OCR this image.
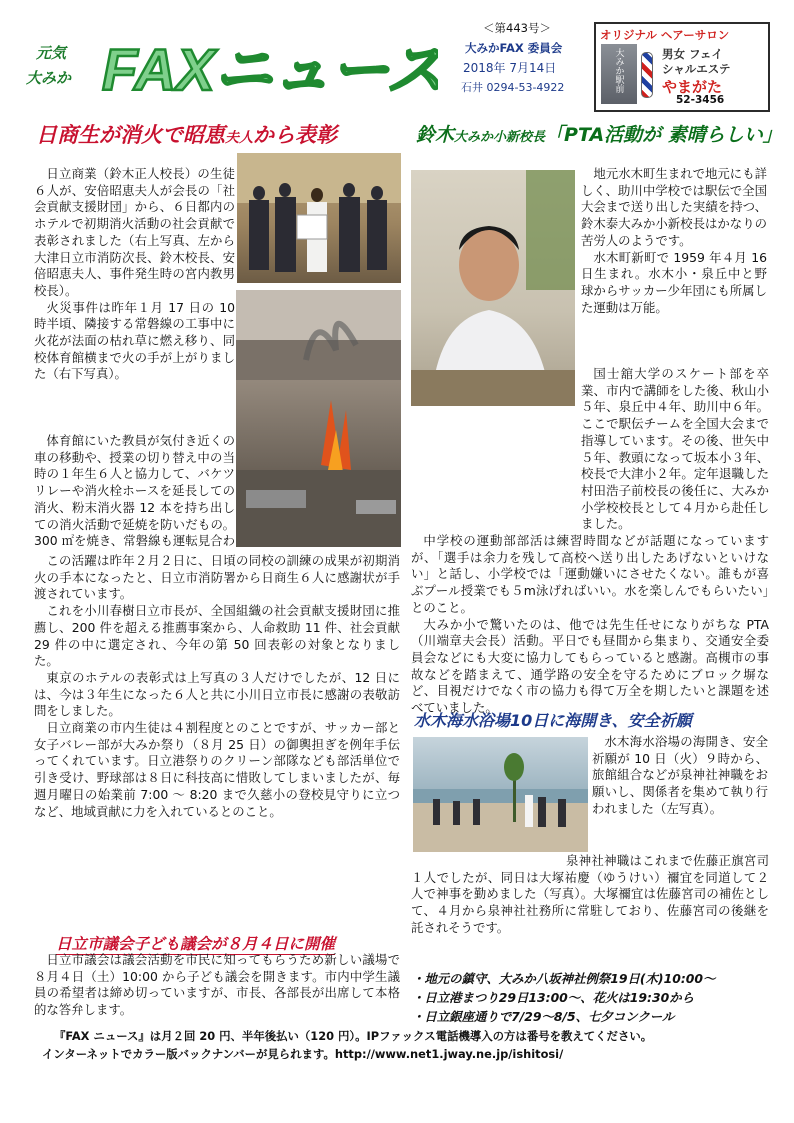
元気
大みか FAXニュース
＜第443号＞
大みかFAX 委員会
2018年 7月14日
石井 0294-53-4922
オリジナル ヘアーサロン
大みか駅前	男女 フェイ
シャルエステ
やまがた
52-3456
日商生が消火で昭恵夫人から表彰	鈴木大みか小新校長「PTA活動が 素晴らしい」

日立商業（鈴木正人校長）の生徒６人が、安倍昭恵夫人が会長の「社会貢献支援財団」から、６日都内のホテルで初期消火活動の社会貢献で表彰されました（右上写真、左から大津日立市消防次長、鈴木校長、安倍昭恵夫人、事件発生時の宮内教男校長）。

火災事件は昨年１月 17 日の 10 時半頃、隣接する常磐線の工事中に火花が法面の枯れ草に燃え移り、同校体育館横まで火の手が上がりました（右下写真）。

体育館にいた教員が気付き近くの車の移動や、授業の切り替え中の当時の１年生６人と協力して、バケツリレーや消火栓ホースを延長しての消火、粉末消火器 12 本を持ち出しての消火活動で延焼を防いだもの。300 ㎡を焼き、常磐線も運転見合わ

この活躍は昨年２月２日に、日頃の同校の訓練の成果が初期消火の手本になったと、日立市消防署から日商生６人に感謝状が手渡されています。

これを小川春樹日立市長が、全国組織の社会貢献支援財団に推薦し、200 件を超える推薦事案から、人命救助 11 件、社会貢献 29 件の中に選定され、今年の第 50 回表彰の対象となりました。

東京のホテルの表彰式は上写真の３人だけでしたが、12 日には、今は３年生になった６人と共に小川日立市長に感謝の表敬訪問をしました。

日立商業の市内生徒は４割程度とのことですが、サッカー部と女子バレー部が大みか祭り（８月 25 日）の御輿担ぎを例年手伝ってくれています。日立港祭りのクリーン部隊なども部活単位で引き受け、野球部は８日に科技高に惜敗してしまいましたが、毎週月曜日の始業前 7:00 ～ 8:20 まで久慈小の登校見守りに立つなど、地域貢献に力を入れているとのこと。

地元水木町生まれで地元にも詳しく、助川中学校では駅伝で全国大会まで送り出した実績を持つ、鈴木泰大みか小新校長はかなりの苦労人のようです。

水木町新町で 1959 年４月 16 日生まれ。水木小・泉丘中と野球からサッカー少年団にも所属した運動は万能。

国士舘大学のスケート部を卒業、市内で講師をした後、秋山小５年、泉丘中４年、助川中６年。ここで駅伝チームを全国大会まで指導しています。その後、世矢中５年、教頭になって坂本小３年、校長で大津小２年。定年退職した村田浩子前校長の後任に、大みか小学校校長として４月から赴任しました。

中学校の運動部部活は練習時間などが話題になっていますが、「選手は余力を残して高校へ送り出したあげないといけない」と話し、小学校では「運動嫌いにさせたくない。誰もが喜ぶプール授業でも５m泳げればいい。水を楽しんでもらいたい」とのこと。

大みか小で驚いたのは、他では先生任せになりがちな PTA（川端章夫会長）活動。平日でも昼間から集まり、交通安全委員会などにも大変に協力してもらっていると感謝。高槻市の事故などを踏まえて、通学路の安全を守るためにブロック塀など、目視だけでなく市の協力も得て万全を期したいと課題を述べていました。

水木海水浴場10日に海開き、安全祈願

水木海水浴場の海開き、安全祈願が 10 日（火）９時から、旅館組合などが泉神社神職をお願いし、関係者を集めて執り行われました（左写真）。

泉神社神職はこれまで佐藤正旗宮司１人でしたが、同日は大塚祐慶（ゆうけい）禰宜を同道して２人で神事を勤めました（写真）。大塚禰宜は佐藤宮司の補佐として、４月から泉神社社務所に常駐しており、佐藤宮司の後継を託されそうです。

日立市議会子ども議会が８月４日に開催

日立市議会は議会活動を市民に知ってもらうため新しい議場で８月４日（土）10:00 から子ども議会を開きます。市内中学生議員の希望者は締め切っていますが、市長、各部長が出席して本格的な答弁します。

・地元の鎮守、大みか八坂神社例祭19日(木)10:00～
・日立港まつり29日13:00～、花火は19:30から
・日立銀座通りで7/29～8/5、七夕コンクール
『FAX ニュース』は月２回 20 円、半年後払い（120 円）。IPファックス電話機導入の方は番号を教えてください。
インターネットでカラー版バックナンバーが見られます。http://www.net1.jway.ne.jp/ishitosi/
